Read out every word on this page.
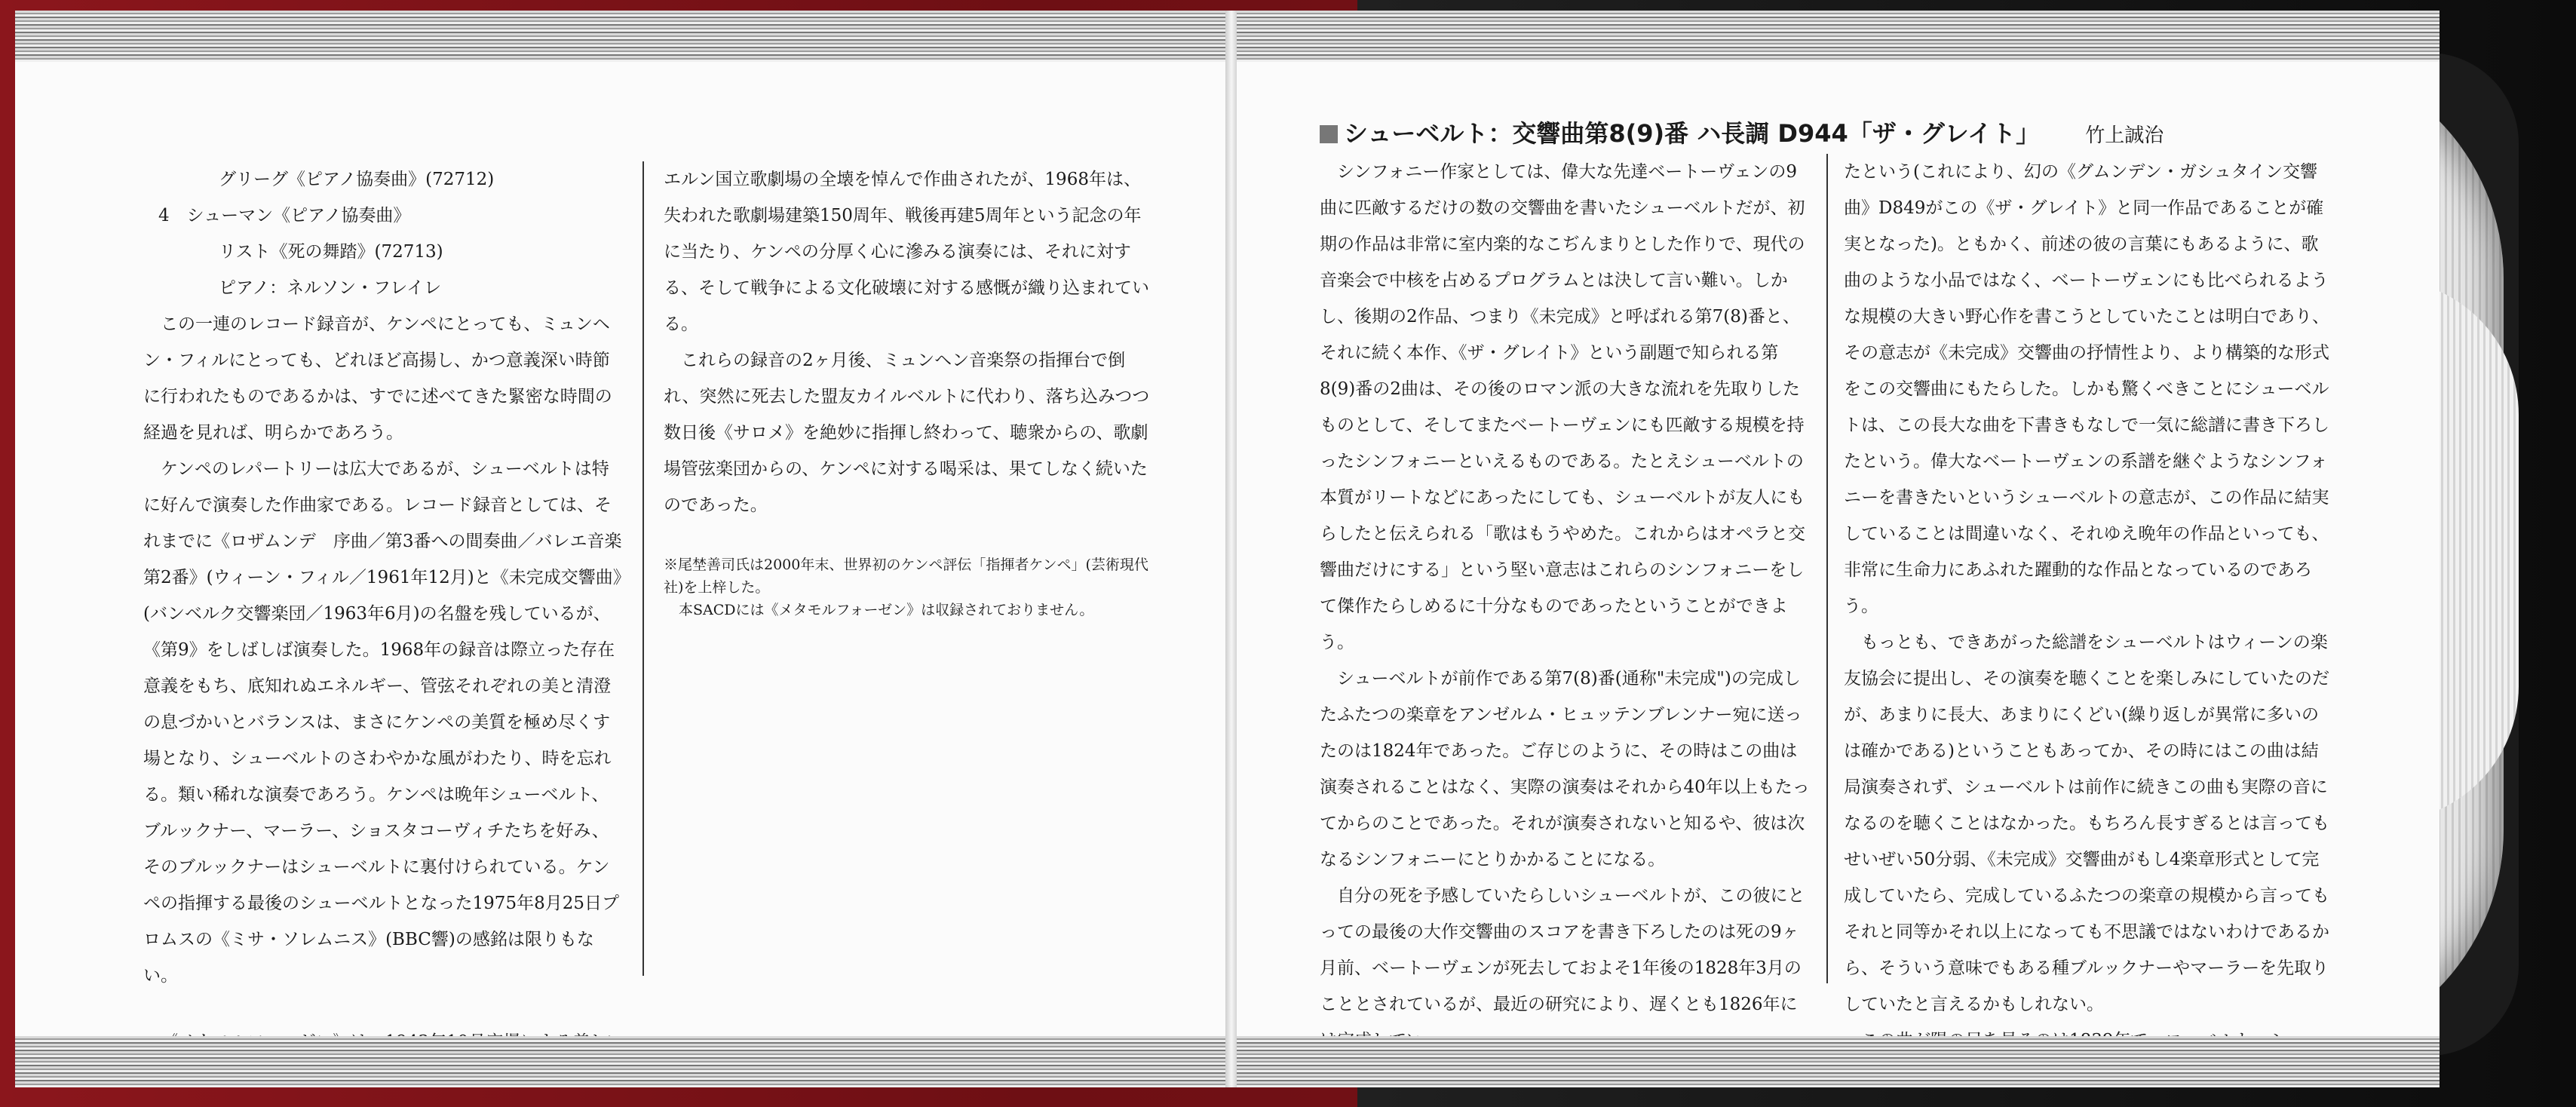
グリーグ《ピアノ協奏曲》(72712)

4　シューマン《ピアノ協奏曲》

リスト《死の舞踏》(72713)

ピアノ：ネルソン・フレイレ

この一連のレコード録音が、ケンペにとっても、ミュンヘン・フィルにとっても、どれほど高揚し、かつ意義深い時節に行われたものであるかは、すでに述べてきた緊密な時間の経過を見れば、明らかであろう。

ケンペのレパートリーは広大であるが、シューベルトは特に好んで演奏した作曲家である。レコード録音としては、それまでに《ロザムンデ　序曲／第3番への間奏曲／バレエ音楽第2番》(ウィーン・フィル／1961年12月)と《未完成交響曲》(バンベルク交響楽団／1963年6月)の名盤を残しているが、《第9》をしばしば演奏した。1968年の録音は際立った存在意義をもち、底知れぬエネルギー、管弦それぞれの美と清澄の息づかいとバランスは、まさにケンペの美質を極め尽くす場となり、シューベルトのさわやかな風がわたり、時を忘れる。類い稀れな演奏であろう。ケンペは晩年シューベルト、ブルックナー、マーラー、ショスタコーヴィチたちを好み、そのブルックナーはシューベルトに裏付けられている。ケンペの指揮する最後のシューベルトとなった1975年8月25日プロムスの《ミサ・ソレムニス》(BBC響)の感銘は限りもない。

エルン国立歌劇場の全壊を悼んで作曲されたが、1968年は、失われた歌劇場建築150周年、戦後再建5周年という記念の年に当たり、ケンペの分厚く心に滲みる演奏には、それに対する、そして戦争による文化破壊に対する感慨が織り込まれている。

これらの録音の2ヶ月後、ミュンヘン音楽祭の指揮台で倒れ、突然に死去した盟友カイルベルトに代わり、落ち込みつつ数日後《サロメ》を絶妙に指揮し終わって、聴衆からの、歌劇場管弦楽団からの、ケンペに対する喝采は、果てしなく続いたのであった。

※尾埜善司氏は2000年末、世界初のケンペ評伝「指揮者ケンペ」(芸術現代社)を上梓した。

本SACDには《メタモルフォーゼン》は収録されておりません。

シューベルト：交響曲第8(9)番 ハ長調 D944「ザ・グレイト」 竹上誠治

シンフォニー作家としては、偉大な先達ベートーヴェンの9曲に匹敵するだけの数の交響曲を書いたシューベルトだが、初期の作品は非常に室内楽的なこぢんまりとした作りで、現代の音楽会で中核を占めるプログラムとは決して言い難い。しかし、後期の2作品、つまり《未完成》と呼ばれる第7(8)番と、それに続く本作、《ザ・グレイト》という副題で知られる第8(9)番の2曲は、その後のロマン派の大きな流れを先取りしたものとして、そしてまたベートーヴェンにも匹敵する規模を持ったシンフォニーといえるものである。たとえシューベルトの本質がリートなどにあったにしても、シューベルトが友人にもらしたと伝えられる「歌はもうやめた。これからはオペラと交響曲だけにする」という堅い意志はこれらのシンフォニーをして傑作たらしめるに十分なものであったということができよう。

シューベルトが前作である第7(8)番(通称"未完成")の完成したふたつの楽章をアンゼルム・ヒュッテンブレンナー宛に送ったのは1824年であった。ご存じのように、その時はこの曲は演奏されることはなく、実際の演奏はそれから40年以上もたってからのことであった。それが演奏されないと知るや、彼は次なるシンフォニーにとりかかることになる。

自分の死を予感していたらしいシューベルトが、この彼にとっての最後の大作交響曲のスコアを書き下ろしたのは死の9ヶ月前、ベートーヴェンが死去しておよそ1年後の1828年3月のこととされているが、最近の研究により、遅くとも1826年に

たという(これにより、幻の《グムンデン・ガシュタイン交響曲》D849がこの《ザ・グレイト》と同一作品であることが確実となった)。ともかく、前述の彼の言葉にもあるように、歌曲のような小品ではなく、ベートーヴェンにも比べられるような規模の大きい野心作を書こうとしていたことは明白であり、その意志が《未完成》交響曲の抒情性より、より構築的な形式をこの交響曲にもたらした。しかも驚くべきことにシューベルトは、この長大な曲を下書きもなしで一気に総譜に書き下ろしたという。偉大なベートーヴェンの系譜を継ぐようなシンフォニーを書きたいというシューベルトの意志が、この作品に結実していることは間違いなく、それゆえ晩年の作品といっても、非常に生命力にあふれた躍動的な作品となっているのであろう。

もっとも、できあがった総譜をシューベルトはウィーンの楽友協会に提出し、その演奏を聴くことを楽しみにしていたのだが、あまりに長大、あまりにくどい(繰り返しが異常に多いのは確かである)ということもあってか、その時にはこの曲は結局演奏されず、シューベルトは前作に続きこの曲も実際の音になるのを聴くことはなかった。もちろん長すぎるとは言ってもせいぜい50分弱、《未完成》交響曲がもし4楽章形式として完成していたら、完成しているふたつの楽章の規模から言ってもそれと同等かそれ以上になっても不思議ではないわけであるから、そういう意味でもある種ブルックナーやマーラーを先取りしていたと言えるかもしれない。
